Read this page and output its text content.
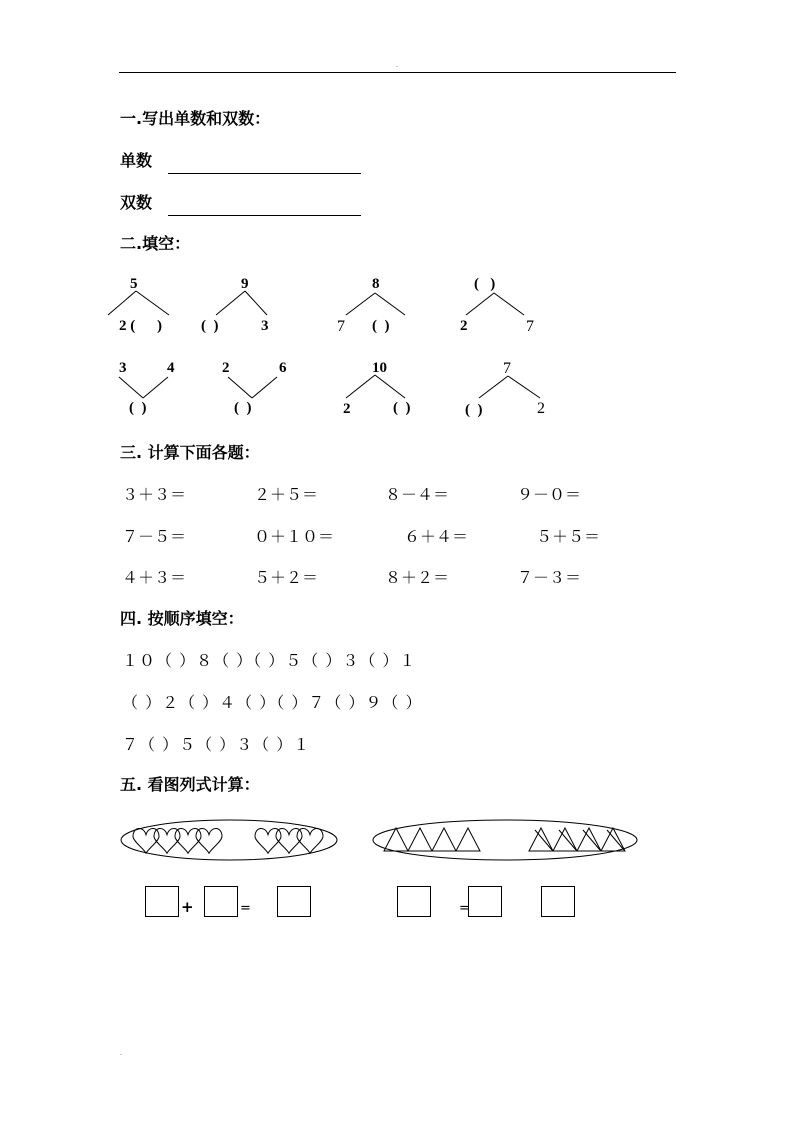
.
.
一.写出单数和双数：
单数
双数
二.填空：
5
2 ( )
9
(  )	3
8
7 (  )
(   )
2	7
3	4
(  )
2	6
(  )
10
2	(  )
7
(  )	2
三. 计算下面各题：
３＋３＝	２＋５＝	８－４＝	９－０＝
７－５＝	０＋１０＝	６＋４＝	５＋５＝
４＋３＝	５＋２＝	８＋２＝	７－３＝
四. 按顺序填空：
１０（ ）８（ ）（ ）５（ ）３（ ）１
（ ）２（ ）４（ ）（ ）７（ ）９（ ）
７（ ）５（ ）３（ ）１
五. 看图列式计算：
+	=	=
